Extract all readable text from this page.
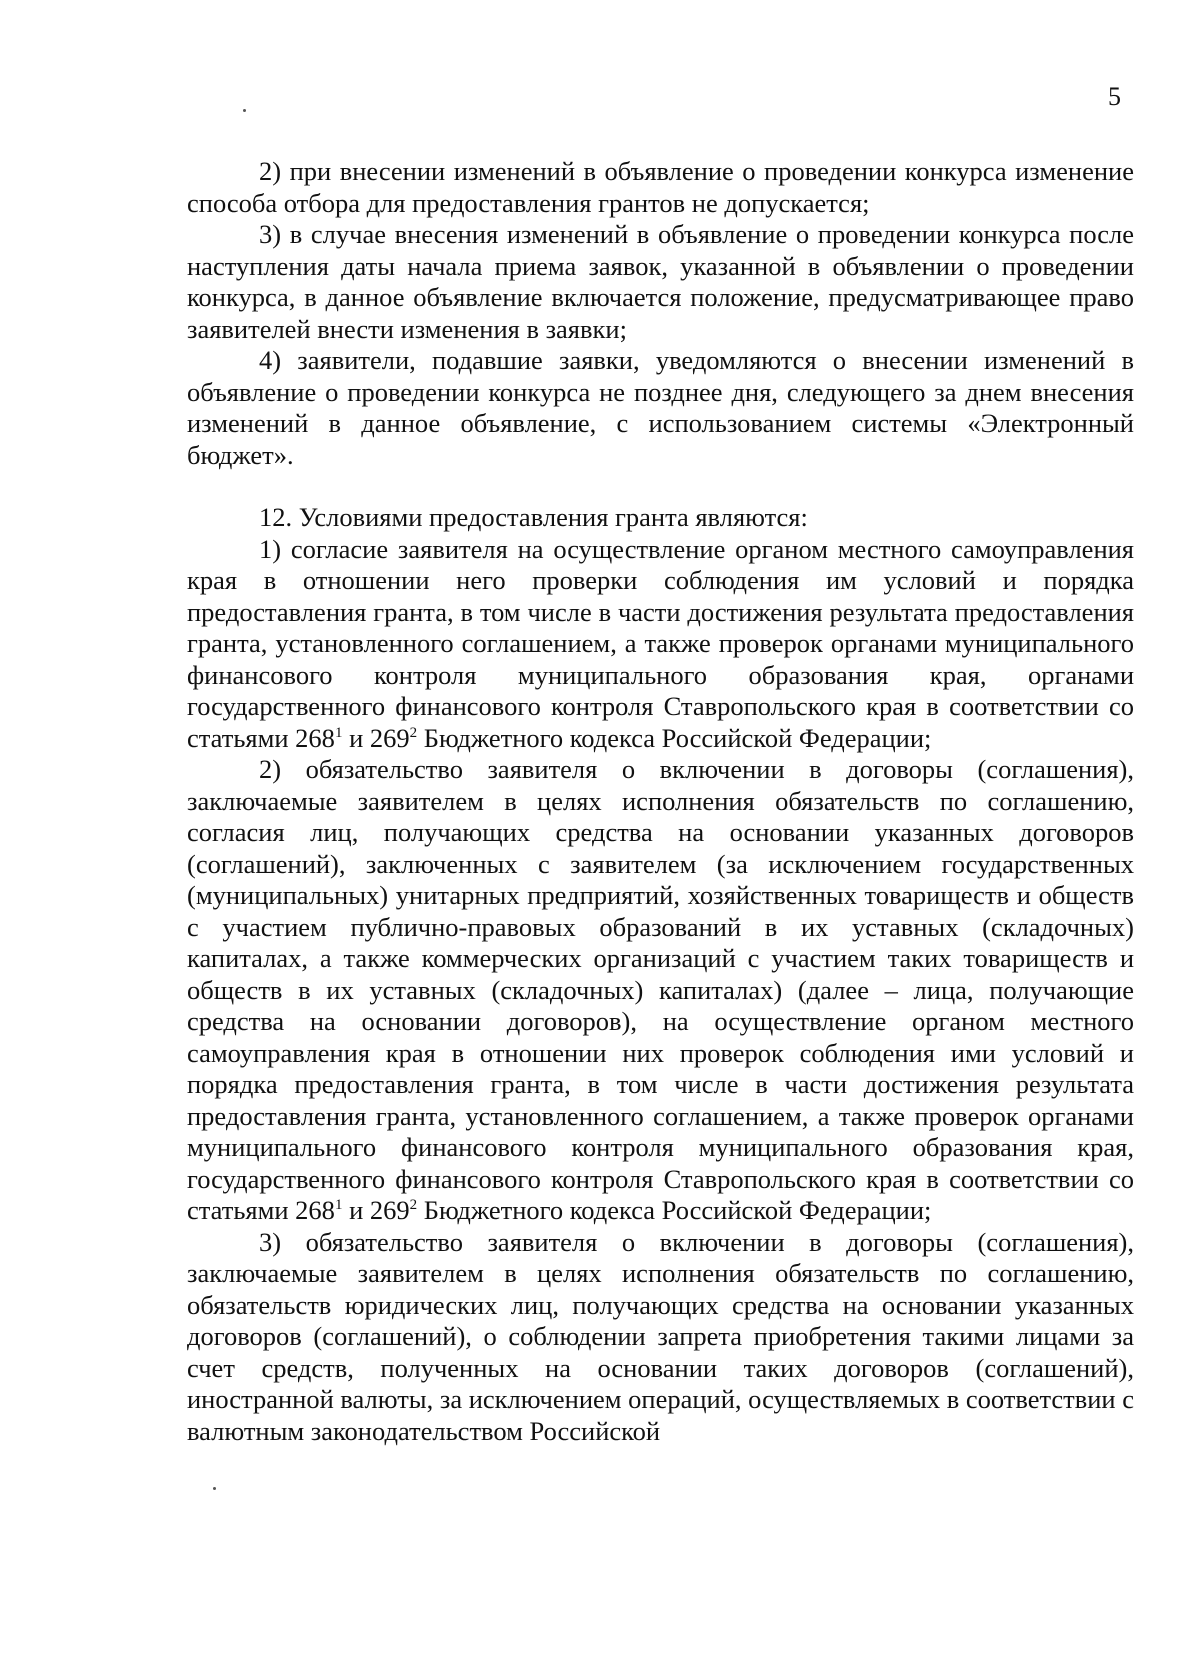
5

2) при внесении изменений в объявление о проведении конкурса изменение способа отбора для предоставления грантов не допускается;

3) в случае внесения изменений в объявление о проведении конкурса после наступления даты начала приема заявок, указанной в объявлении о проведении конкурса, в данное объявление включается положение, предусматривающее право заявителей внести изменения в заявки;

4) заявители, подавшие заявки, уведомляются о внесении изменений в объявление о проведении конкурса не позднее дня, следующего за днем внесения изменений в данное объявление, с использованием системы «Электронный бюджет».

12. Условиями предоставления гранта являются:

1) согласие заявителя на осуществление органом местного самоуправления края в отношении него проверки соблюдения им условий и порядка предоставления гранта, в том числе в части достижения результата предоставления гранта, установленного соглашением, а также проверок органами муниципального финансового контроля муниципального образования края, органами государственного финансового контроля Ставропольского края в соответствии со статьями $268^1$ и $269^2$ Бюджетного кодекса Российской Федерации;

2) обязательство заявителя о включении в договоры (соглашения), заключаемые заявителем в целях исполнения обязательств по соглашению, согласия лиц, получающих средства на основании указанных договоров (соглашений), заключенных с заявителем (за исключением государственных (муниципальных) унитарных предприятий, хозяйственных товариществ и обществ с участием публично-правовых образований в их уставных (складочных) капиталах, а также коммерческих организаций с участием таких товариществ и обществ в их уставных (складочных) капиталах) (далее – лица, получающие средства на основании договоров), на осуществление органом местного самоуправления края в отношении них проверок соблюдения ими условий и порядка предоставления гранта, в том числе в части достижения результата предоставления гранта, установленного соглашением, а также проверок органами муниципального финансового контроля муниципального образования края, государственного финансового контроля Ставропольского края в соответствии со статьями $268^1$ и $269^2$ Бюджетного кодекса Российской Федерации;

3) обязательство заявителя о включении в договоры (соглашения), заключаемые заявителем в целях исполнения обязательств по соглашению, обязательств юридических лиц, получающих средства на основании указанных договоров (соглашений), о соблюдении запрета приобретения такими лицами за счет средств, полученных на основании таких договоров (соглашений), иностранной валюты, за исключением операций, осуществляемых в соответствии с валютным законодательством Российской
